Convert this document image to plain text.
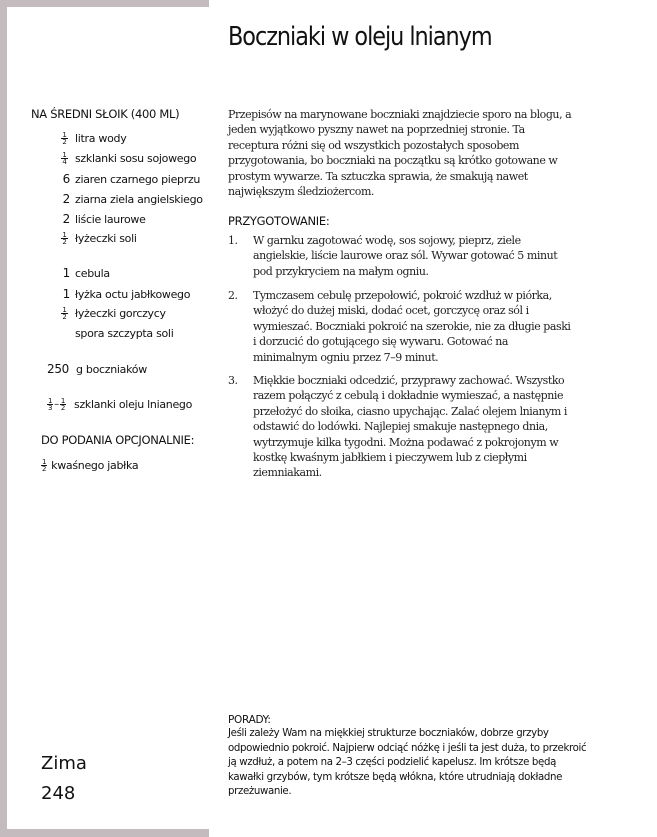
Boczniaki w oleju lnianym
NA ŚREDNI SŁOIK (400 ML)
$\frac{1}{2}$ litra wody
$\frac{1}{4}$ szklanki sosu sojowego
6 ziaren czarnego pieprzu
2 ziarna ziela angielskiego
2 liście laurowe
$\frac{1}{2}$ łyżeczki soli
1 cebula
1 łyżka octu jabłkowego
$\frac{1}{2}$ łyżeczki gorczycy
spora szczypta soli
250 g boczniaków
$\frac{1}{3} - \frac{1}{2}$ szklanki oleju lnianego
DO PODANIA OPCJONALNIE:
$\frac{1}{2}$ kwaśnego jabłka

Przepisów na marynowane boczniaki znajdziecie sporo na blogu, a jeden wyjątkowo pyszny nawet na poprzedniej stronie. Ta receptura różni się od wszystkich pozostałych sposobem przygotowania, bo boczniaki na początku są krótko gotowane w prostym wywarze. Ta sztuczka sprawia, że smakują nawet największym śledziożercom.

PRZYGOTOWANIE:
1.	W garnku zagotować wodę, sos sojowy, pieprz, ziele angielskie, liście laurowe oraz sól. Wywar gotować 5 minut pod przykryciem na małym ogniu.

2.	Tymczasem cebulę przepołowić, pokroić wzdłuż w piórka, włożyć do dużej miski, dodać ocet, gorczycę oraz sól i wymieszać. Boczniaki pokroić na szerokie, nie za długie paski i dorzucić do gotującego się wywaru. Gotować na minimalnym ogniu przez 7–9 minut.

3.	Miękkie boczniaki odcedzić, przyprawy zachować. Wszystko razem połączyć z cebulą i dokładnie wymieszać, a następnie przełożyć do słoika, ciasno upychając. Zalać olejem lnianym i odstawić do lodówki. Najlepiej smakuje następnego dnia, wytrzymuje kilka tygodni. Można podawać z pokrojonym w kostkę kwaśnym jabłkiem i pieczywem lub z ciepłymi ziemniakami.

PORADY:

Jeśli zależy Wam na miękkiej strukturze boczniaków, dobrze grzyby odpowiednio pokroić. Najpierw odciąć nóżkę i jeśli ta jest duża, to przekroić ją wzdłuż, a potem na 2–3 części podzielić kapelusz. Im krótsze będą kawałki grzybów, tym krótsze będą włókna, które utrudniają dokładne przeżuwanie.

Zima
248
